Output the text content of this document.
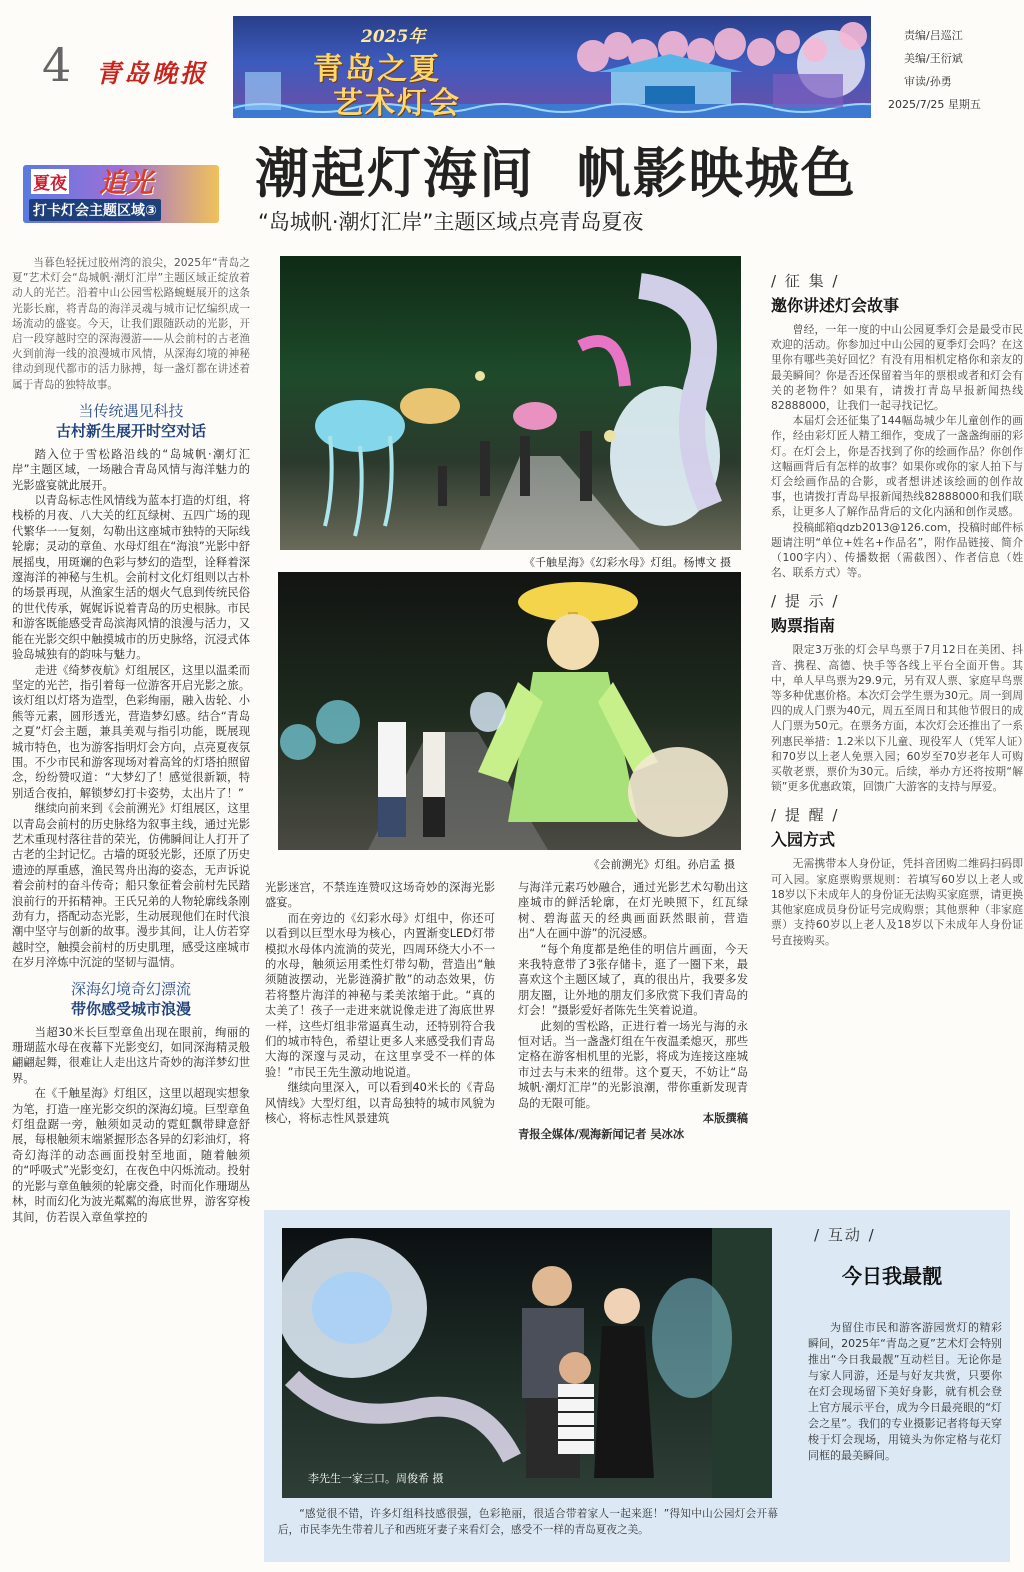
4 青岛晚报
2025年
青岛之夏
艺术灯会
责编/吕巡江
美编/王衍斌
审读/孙勇
2025/7/25 星期五
夏夜 追光
打卡灯会主题区域③
潮起灯海间  帆影映城色
“岛城帆·潮灯汇岸”主题区域点亮青岛夏夜

当暮色轻抚过胶州湾的浪尖，2025年“青岛之夏”艺术灯会“岛城帆·潮灯汇岸”主题区域正绽放着动人的光芒。沿着中山公园雪松路蜿蜒展开的这条光影长廊，将青岛的海洋灵魂与城市记忆编织成一场流动的盛宴。今天，让我们跟随跃动的光影，开启一段穿越时空的深海漫游——从会前村的古老渔火到前海一线的浪漫城市风情，从深海幻境的神秘律动到现代都市的活力脉搏，每一盏灯都在讲述着属于青岛的独特故事。

当传统遇见科技
古村新生展开时空对话

踏入位于雪松路沿线的“岛城帆·潮灯汇岸”主题区域，一场融合青岛风情与海洋魅力的光影盛宴就此展开。

以青岛标志性风情线为蓝本打造的灯组，将栈桥的月夜、八大关的红瓦绿树、五四广场的现代繁华一一复刻，勾勒出这座城市独特的天际线轮廓；灵动的章鱼、水母灯组在“海浪”光影中舒展摇曳，用斑斓的色彩与梦幻的造型，诠释着深邃海洋的神秘与生机。会前村文化灯组则以古朴的场景再现，从渔家生活的烟火气息到传统民俗的世代传承，娓娓诉说着青岛的历史根脉。市民和游客既能感受青岛滨海风情的浪漫与活力，又能在光影交织中触摸城市的历史脉络，沉浸式体验岛城独有的韵味与魅力。

走进《绮梦夜航》灯组展区，这里以温柔而坚定的光芒，指引着每一位游客开启光影之旅。该灯组以灯塔为造型，色彩绚丽，融入齿轮、小熊等元素，圆形透光，营造梦幻感。结合“青岛之夏”灯会主题，兼具美观与指引功能，既展现城市特色，也为游客指明灯会方向，点亮夏夜氛围。不少市民和游客现场对着高耸的灯塔拍照留念，纷纷赞叹道：“大梦幻了！感觉很新颖，特别适合夜拍，解锁梦幻打卡姿势，太出片了！”

继续向前来到《会前溯光》灯组展区，这里以青岛会前村的历史脉络为叙事主线，通过光影艺术重现村落往昔的荣光，仿佛瞬间让人打开了古老的尘封记忆。古墙的斑驳光影，还原了历史遗迹的厚重感，渔民驾舟出海的姿态，无声诉说着会前村的奋斗传奇；船只象征着会前村先民踏浪前行的开拓精神。王氏兄弟的人物轮廓线条刚劲有力，搭配动态光影，生动展现他们在时代浪潮中坚守与创新的故事。漫步其间，让人仿若穿越时空，触摸会前村的历史肌理，感受这座城市在岁月淬炼中沉淀的坚韧与温情。

深海幻境奇幻漂流
带你感受城市浪漫

当超30米长巨型章鱼出现在眼前，绚丽的珊瑚蓝水母在夜幕下光影变幻，如同深海精灵般翩翩起舞，很难让人走出这片奇妙的海洋梦幻世界。

在《千触星海》灯组区，这里以超现实想象为笔，打造一座光影交织的深海幻境。巨型章鱼灯组盘踞一旁，触须如灵动的霓虹飘带肆意舒展，每根触须末端紧握形态各异的幻彩油灯，将奇幻海洋的动态画面投射至地面，随着触须的“呼吸式”光影变幻，在夜色中闪烁流动。投射的光影与章鱼触须的轮廓交叠，时而化作珊瑚丛林，时而幻化为波光粼粼的海底世界，游客穿梭其间，仿若误入章鱼掌控的

《千触星海》《幻彩水母》灯组。杨博文 摄
《会前溯光》灯组。孙启孟 摄

光影迷宫，不禁连连赞叹这场奇妙的深海光影盛宴。

而在旁边的《幻彩水母》灯组中，你还可以看到以巨型水母为核心，内置渐变LED灯带模拟水母体内流淌的荧光，四周环绕大小不一的水母，触须运用柔性灯带勾勒，营造出“触须随波摆动，光影涟漪扩散”的动态效果，仿若将整片海洋的神秘与柔美浓缩于此。“真的太美了！孩子一走进来就说像走进了海底世界一样，这些灯组非常逼真生动，还特别符合我们的城市特色，希望让更多人来感受我们青岛大海的深邃与灵动，在这里享受不一样的体验！”市民王先生激动地说道。

继续向里深入，可以看到40米长的《青岛风情线》大型灯组，以青岛独特的城市风貌为核心，将标志性风景建筑

与海洋元素巧妙融合，通过光影艺术勾勒出这座城市的鲜活轮廓，在灯光映照下，红瓦绿树、碧海蓝天的经典画面跃然眼前，营造出“人在画中游”的沉浸感。

“每个角度都是绝佳的明信片画面，今天来我特意带了3张存储卡，逛了一圈下来，最喜欢这个主题区域了，真的很出片，我要多发朋友圈，让外地的朋友们多欣赏下我们青岛的灯会！”摄影爱好者陈先生笑着说道。

此刻的雪松路，正进行着一场光与海的永恒对话。当一盏盏灯组在午夜温柔熄灭，那些定格在游客相机里的光影，将成为连接这座城市过去与未来的纽带。这个夏天，不妨让“岛城帆·潮灯汇岸”的光影浪潮，带你重新发现青岛的无限可能。

本版撰稿
青报全媒体/观海新闻记者 吴冰冰
/ 征 集 /
邀你讲述灯会故事

曾经，一年一度的中山公园夏季灯会是最受市民欢迎的活动。你参加过中山公园的夏季灯会吗？在这里你有哪些美好回忆？有没有用相机定格你和亲友的最美瞬间？你是否还保留着当年的票根或者和灯会有关的老物件？如果有，请拨打青岛早报新闻热线82888000，让我们一起寻找记忆。

本届灯会还征集了144幅岛城少年儿童创作的画作，经由彩灯匠人精工细作，变成了一盏盏绚丽的彩灯。在灯会上，你是否找到了你的绘画作品？你创作这幅画背后有怎样的故事？如果你或你的家人拍下与灯会绘画作品的合影，或者想讲述该绘画的创作故事，也请拨打青岛早报新闻热线82888000和我们联系，让更多人了解作品背后的文化内涵和创作灵感。

投稿邮箱qdzb2013@126.com，投稿时邮件标题请注明“单位+姓名+作品名”，附作品链接、简介（100字内）、传播数据（需截图）、作者信息（姓名、联系方式）等。

/ 提 示 /
购票指南

限定3万张的灯会早鸟票于7月12日在美团、抖音、携程、高德、快手等各线上平台全面开售。其中，单人早鸟票为29.9元，另有双人票、家庭早鸟票等多种优惠价格。本次灯会学生票为30元。周一到周四的成人门票为40元，周五至周日和其他节假日的成人门票为50元。在票务方面，本次灯会还推出了一系列惠民举措：1.2米以下儿童、现役军人（凭军人证）和70岁以上老人免票入园；60岁至70岁老年人可购买敬老票，票价为30元。后续，举办方还将按期“解锁”更多优惠政策，回馈广大游客的支持与厚爱。

/ 提 醒 /
入园方式

无需携带本人身份证，凭抖音团购二维码扫码即可入园。家庭票购票规则：若填写60岁以上老人或18岁以下未成年人的身份证无法购买家庭票，请更换其他家庭成员身份证号完成购票；其他票种（非家庭票）支持60岁以上老人及18岁以下未成年人身份证号直接购买。

李先生一家三口。周俊希 摄
“感觉很不错，许多灯组科技感很强，色彩艳丽，很适合带着家人一起来逛！”得知中山公园灯会开幕后，市民李先生带着儿子和西班牙妻子来看灯会，感受不一样的青岛夏夜之美。
/ 互动 /
今日我最靓

为留住市民和游客游园赏灯的精彩瞬间，2025年“青岛之夏”艺术灯会特别推出“今日我最靓”互动栏目。无论你是与家人同游，还是与好友共赏，只要你在灯会现场留下美好身影，就有机会登上官方展示平台，成为今日最亮眼的“灯会之星”。我们的专业摄影记者将每天穿梭于灯会现场，用镜头为你定格与花灯同框的最美瞬间。
